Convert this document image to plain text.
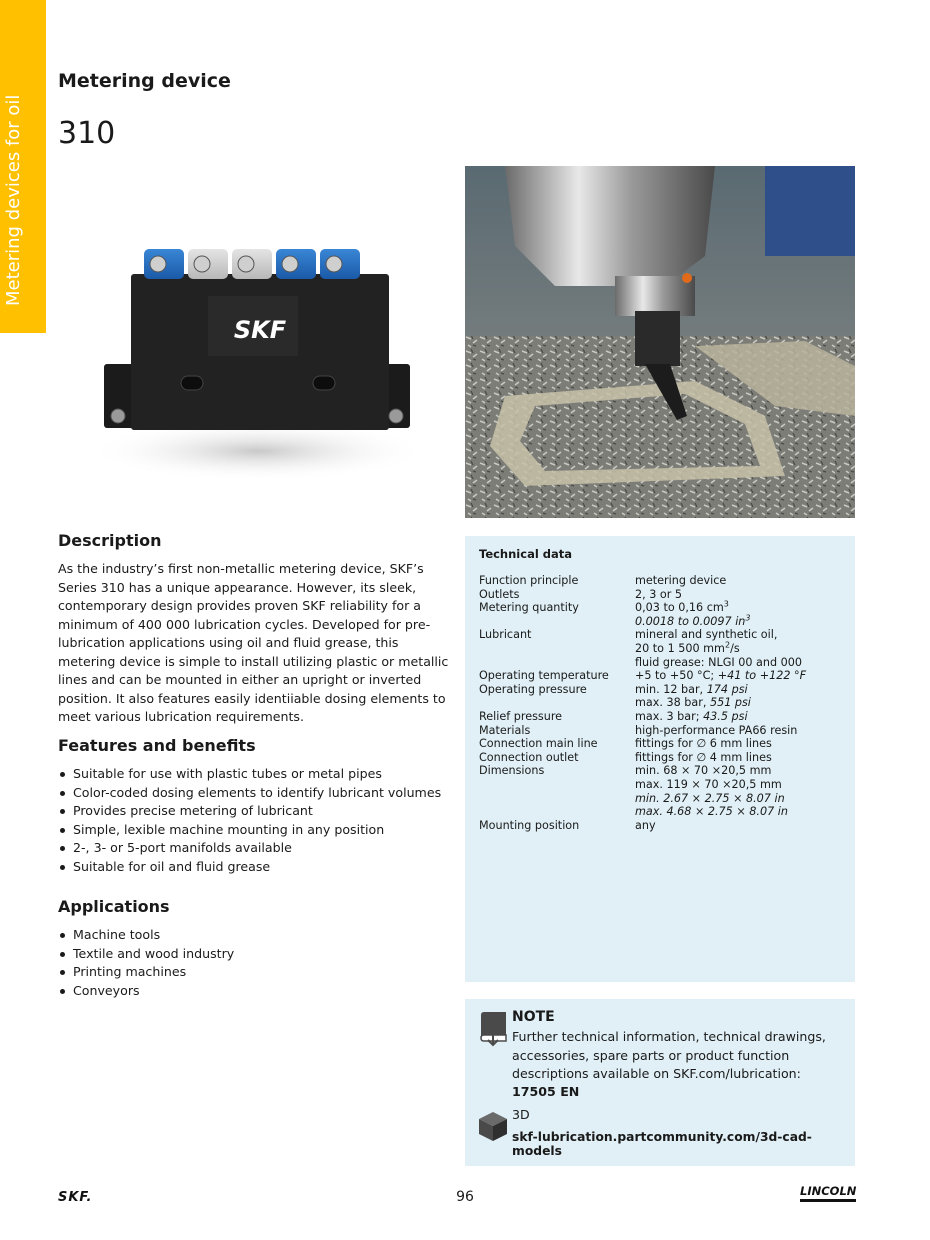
Metering devices for oil
Metering device
310
SKF
Description

As the industry’s first non-metallic metering device, SKF’s Series 310 has a unique appearance. However, its sleek, contemporary design provides proven SKF reliability for a minimum of 400 000 lubrication cycles. Developed for pre-lubrication applications using oil and fluid grease, this metering device is simple to install utilizing plastic or metallic lines and can be mounted in either an upright or inverted position. It also features easily identiiable dosing elements to meet various lubrication requirements.

Features and benefits
Suitable for use with plastic tubes or metal pipes
Color-coded dosing elements to identify lubricant volumes
Provides precise metering of lubricant
Simple, lexible machine mounting in any position
2-, 3- or 5-port manifolds available
Suitable for oil and fluid grease
Applications
Machine tools
Textile and wood industry
Printing machines
Conveyors
Technical data
Function principle	metering device
Outlets	2, 3 or 5
Metering quantity	0,03 to 0,16 $cm^3$
0.0018 to 0.0097 $in^3$
Lubricant	mineral and synthetic oil,
20 to 1 500 $mm^2/s$
fluid grease: NLGI 00 and 000
Operating temperature	+5 to +50 °C; +41 to +122 °F
Operating pressure	min. 12 bar, 174 psi
max. 38 bar, 551 psi
Relief pressure	max. 3 bar; 43.5 psi
Materials	high-performance PA66 resin
Connection main line	fittings for ∅ 6 mm lines
Connection outlet	fittings for ∅ 4 mm lines
Dimensions	min. 68 × 70 ×20,5 mm
max. 119 × 70 ×20,5 mm
min. 2.67 × 2.75 × 8.07 in
max. 4.68 × 2.75 × 8.07 in
Mounting position	any
NOTE
Further technical information, technical drawings, accessories, spare parts or product function descriptions available on SKF.com/lubrication:
17505 EN
3D
skf-lubrication.partcommunity.com/3d-cad-models
SKF.	96	LINCOLN
